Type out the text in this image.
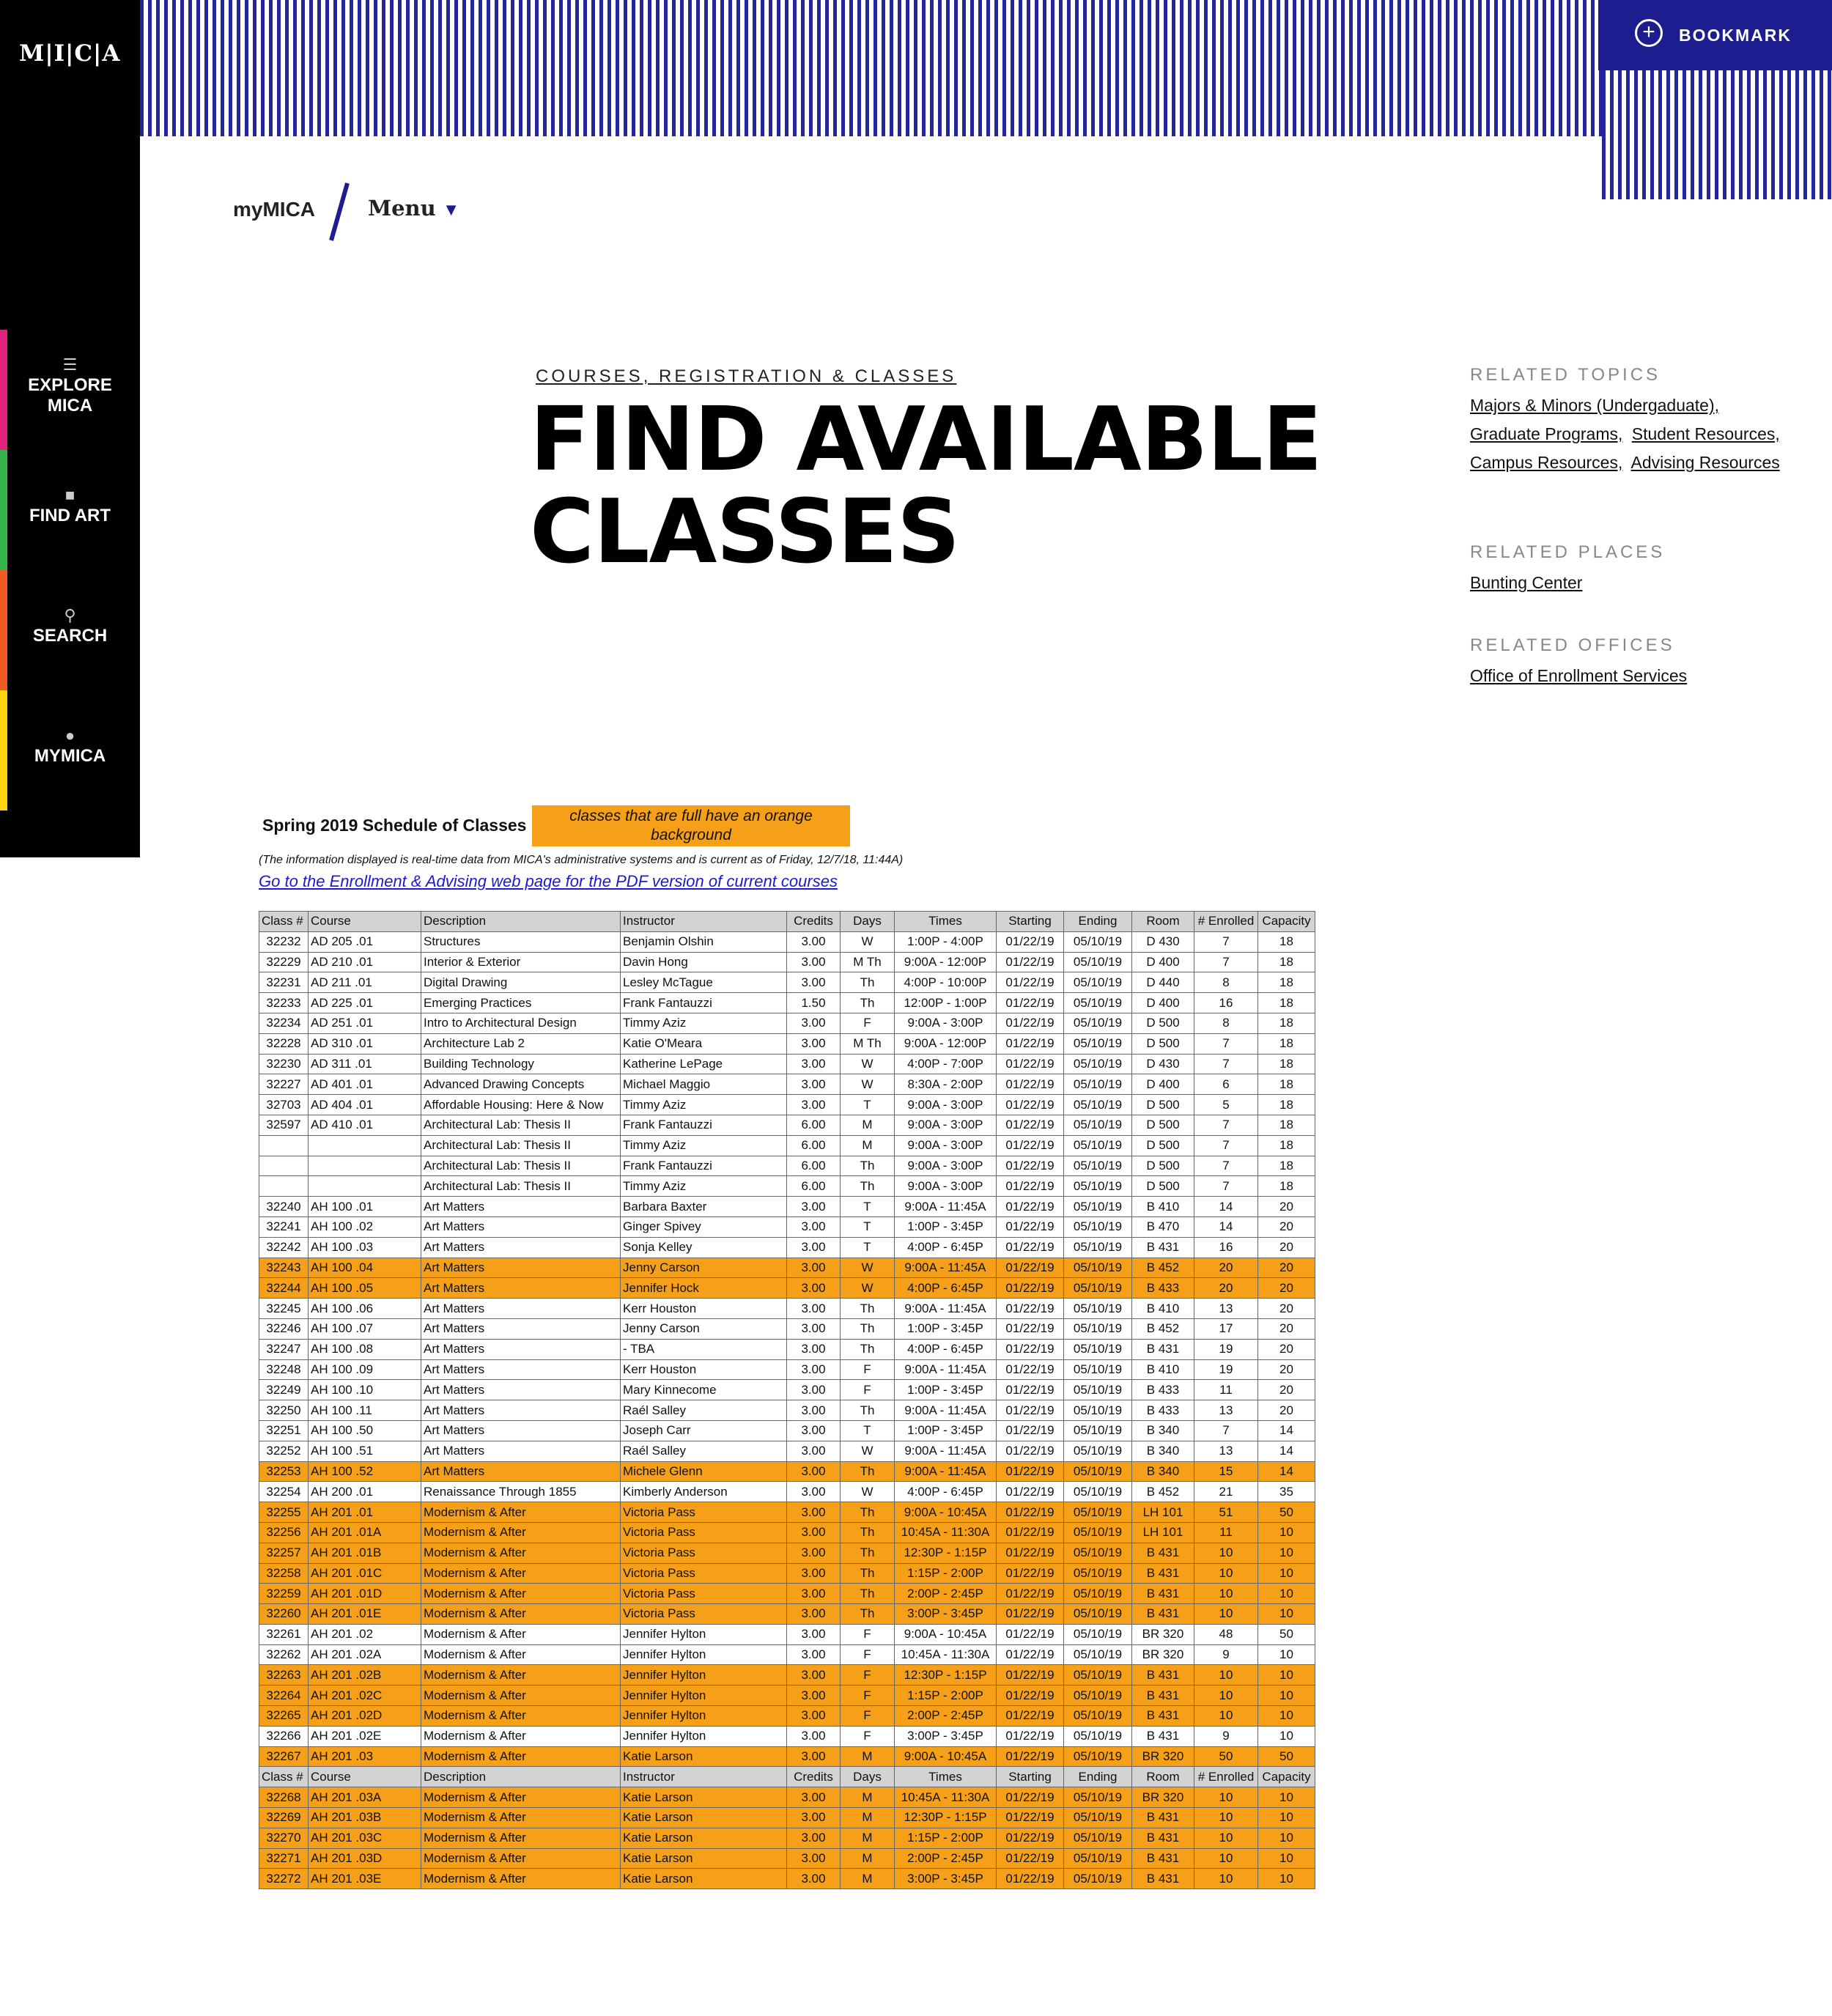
M|I|C|A
☰
EXPLORE
MICA
■
FIND ART
⚲
SEARCH
●
MYMICA
+	BOOKMARK
myMICA Menu ▼
COURSES, REGISTRATION & CLASSES
FIND AVAILABLE
CLASSES
RELATED TOPICS
Majors & Minors (Undergaduate),
Graduate Programs, Student Resources, Campus Resources, Advising Resources
RELATED PLACES
Bunting Center
RELATED OFFICES
Office of Enrollment Services
Spring 2019 Schedule of Classes	classes that are full have an orange background
(The information displayed is real-time data from MICA's administrative systems and is current as of Friday, 12/7/18, 11:44A)
Go to the Enrollment & Advising web page for the PDF version of current courses
Class #	Course	Description	Instructor	Credits	Days	Times	Starting	Ending	Room	# Enrolled	Capacity
32232	AD 205 .01	Structures	Benjamin Olshin	3.00	W	1:00P - 4:00P	01/22/19	05/10/19	D 430	7	18
32229	AD 210 .01	Interior & Exterior	Davin Hong	3.00	M Th	9:00A - 12:00P	01/22/19	05/10/19	D 400	7	18
32231	AD 211 .01	Digital Drawing	Lesley McTague	3.00	Th	4:00P - 10:00P	01/22/19	05/10/19	D 440	8	18
32233	AD 225 .01	Emerging Practices	Frank Fantauzzi	1.50	Th	12:00P - 1:00P	01/22/19	05/10/19	D 400	16	18
32234	AD 251 .01	Intro to Architectural Design	Timmy Aziz	3.00	F	9:00A - 3:00P	01/22/19	05/10/19	D 500	8	18
32228	AD 310 .01	Architecture Lab 2	Katie O'Meara	3.00	M Th	9:00A - 12:00P	01/22/19	05/10/19	D 500	7	18
32230	AD 311 .01	Building Technology	Katherine LePage	3.00	W	4:00P - 7:00P	01/22/19	05/10/19	D 430	7	18
32227	AD 401 .01	Advanced Drawing Concepts	Michael Maggio	3.00	W	8:30A - 2:00P	01/22/19	05/10/19	D 400	6	18
32703	AD 404 .01	Affordable Housing: Here & Now	Timmy Aziz	3.00	T	9:00A - 3:00P	01/22/19	05/10/19	D 500	5	18
32597	AD 410 .01	Architectural Lab: Thesis II	Frank Fantauzzi	6.00	M	9:00A - 3:00P	01/22/19	05/10/19	D 500	7	18
		Architectural Lab: Thesis II	Timmy Aziz	6.00	M	9:00A - 3:00P	01/22/19	05/10/19	D 500	7	18
		Architectural Lab: Thesis II	Frank Fantauzzi	6.00	Th	9:00A - 3:00P	01/22/19	05/10/19	D 500	7	18
		Architectural Lab: Thesis II	Timmy Aziz	6.00	Th	9:00A - 3:00P	01/22/19	05/10/19	D 500	7	18
32240	AH 100 .01	Art Matters	Barbara Baxter	3.00	T	9:00A - 11:45A	01/22/19	05/10/19	B 410	14	20
32241	AH 100 .02	Art Matters	Ginger Spivey	3.00	T	1:00P - 3:45P	01/22/19	05/10/19	B 470	14	20
32242	AH 100 .03	Art Matters	Sonja Kelley	3.00	T	4:00P - 6:45P	01/22/19	05/10/19	B 431	16	20
32243	AH 100 .04	Art Matters	Jenny Carson	3.00	W	9:00A - 11:45A	01/22/19	05/10/19	B 452	20	20
32244	AH 100 .05	Art Matters	Jennifer Hock	3.00	W	4:00P - 6:45P	01/22/19	05/10/19	B 433	20	20
32245	AH 100 .06	Art Matters	Kerr Houston	3.00	Th	9:00A - 11:45A	01/22/19	05/10/19	B 410	13	20
32246	AH 100 .07	Art Matters	Jenny Carson	3.00	Th	1:00P - 3:45P	01/22/19	05/10/19	B 452	17	20
32247	AH 100 .08	Art Matters	- TBA	3.00	Th	4:00P - 6:45P	01/22/19	05/10/19	B 431	19	20
32248	AH 100 .09	Art Matters	Kerr Houston	3.00	F	9:00A - 11:45A	01/22/19	05/10/19	B 410	19	20
32249	AH 100 .10	Art Matters	Mary Kinnecome	3.00	F	1:00P - 3:45P	01/22/19	05/10/19	B 433	11	20
32250	AH 100 .11	Art Matters	Raél Salley	3.00	Th	9:00A - 11:45A	01/22/19	05/10/19	B 433	13	20
32251	AH 100 .50	Art Matters	Joseph Carr	3.00	T	1:00P - 3:45P	01/22/19	05/10/19	B 340	7	14
32252	AH 100 .51	Art Matters	Raél Salley	3.00	W	9:00A - 11:45A	01/22/19	05/10/19	B 340	13	14
32253	AH 100 .52	Art Matters	Michele Glenn	3.00	Th	9:00A - 11:45A	01/22/19	05/10/19	B 340	15	14
32254	AH 200 .01	Renaissance Through 1855	Kimberly Anderson	3.00	W	4:00P - 6:45P	01/22/19	05/10/19	B 452	21	35
32255	AH 201 .01	Modernism & After	Victoria Pass	3.00	Th	9:00A - 10:45A	01/22/19	05/10/19	LH 101	51	50
32256	AH 201 .01A	Modernism & After	Victoria Pass	3.00	Th	10:45A - 11:30A	01/22/19	05/10/19	LH 101	11	10
32257	AH 201 .01B	Modernism & After	Victoria Pass	3.00	Th	12:30P - 1:15P	01/22/19	05/10/19	B 431	10	10
32258	AH 201 .01C	Modernism & After	Victoria Pass	3.00	Th	1:15P - 2:00P	01/22/19	05/10/19	B 431	10	10
32259	AH 201 .01D	Modernism & After	Victoria Pass	3.00	Th	2:00P - 2:45P	01/22/19	05/10/19	B 431	10	10
32260	AH 201 .01E	Modernism & After	Victoria Pass	3.00	Th	3:00P - 3:45P	01/22/19	05/10/19	B 431	10	10
32261	AH 201 .02	Modernism & After	Jennifer Hylton	3.00	F	9:00A - 10:45A	01/22/19	05/10/19	BR 320	48	50
32262	AH 201 .02A	Modernism & After	Jennifer Hylton	3.00	F	10:45A - 11:30A	01/22/19	05/10/19	BR 320	9	10
32263	AH 201 .02B	Modernism & After	Jennifer Hylton	3.00	F	12:30P - 1:15P	01/22/19	05/10/19	B 431	10	10
32264	AH 201 .02C	Modernism & After	Jennifer Hylton	3.00	F	1:15P - 2:00P	01/22/19	05/10/19	B 431	10	10
32265	AH 201 .02D	Modernism & After	Jennifer Hylton	3.00	F	2:00P - 2:45P	01/22/19	05/10/19	B 431	10	10
32266	AH 201 .02E	Modernism & After	Jennifer Hylton	3.00	F	3:00P - 3:45P	01/22/19	05/10/19	B 431	9	10
32267	AH 201 .03	Modernism & After	Katie Larson	3.00	M	9:00A - 10:45A	01/22/19	05/10/19	BR 320	50	50
Class #	Course	Description	Instructor	Credits	Days	Times	Starting	Ending	Room	# Enrolled	Capacity
32268	AH 201 .03A	Modernism & After	Katie Larson	3.00	M	10:45A - 11:30A	01/22/19	05/10/19	BR 320	10	10
32269	AH 201 .03B	Modernism & After	Katie Larson	3.00	M	12:30P - 1:15P	01/22/19	05/10/19	B 431	10	10
32270	AH 201 .03C	Modernism & After	Katie Larson	3.00	M	1:15P - 2:00P	01/22/19	05/10/19	B 431	10	10
32271	AH 201 .03D	Modernism & After	Katie Larson	3.00	M	2:00P - 2:45P	01/22/19	05/10/19	B 431	10	10
32272	AH 201 .03E	Modernism & After	Katie Larson	3.00	M	3:00P - 3:45P	01/22/19	05/10/19	B 431	10	10
